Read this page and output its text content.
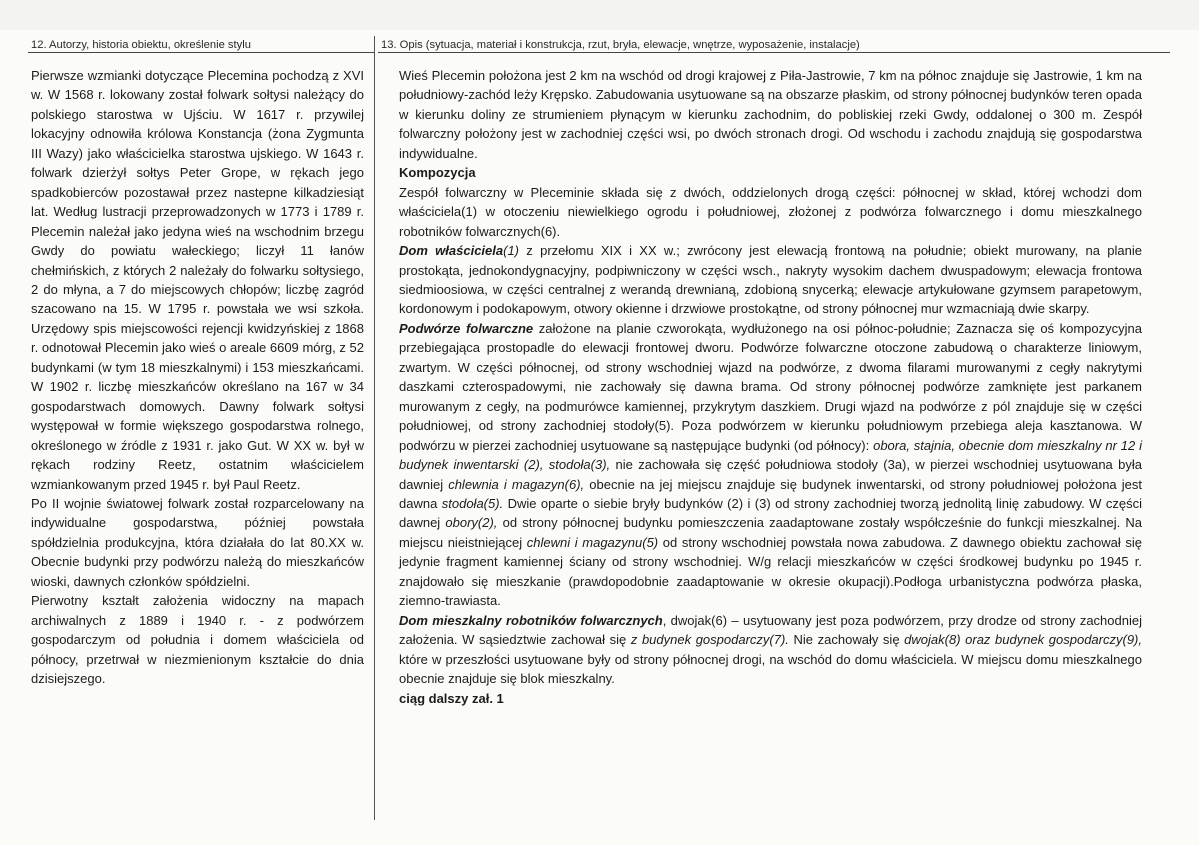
12. Autorzy, historia obiektu, określenie stylu	13. Opis (sytuacja, materiał i konstrukcja, rzut, bryła, elewacje, wnętrze, wyposażenie, instalacje)

Pierwsze wzmianki dotyczące Plecemina pochodzą z XVI w. W 1568 r. lokowany został folwark sołtysi należący do polskiego starostwa w Ujściu. W 1617 r. przywilej lokacyjny odnowiła królowa Konstancja (żona Zygmunta III Wazy) jako właścicielka starostwa ujskiego. W 1643 r. folwark dzierżył sołtys Peter Grope, w rękach jego spadkobierców pozostawał przez nastepne kilkadziesiąt lat. Według lustracji przeprowadzonych w 1773 i 1789 r. Plecemin należał jako jedyna wieś na wschodnim brzegu Gwdy do powiatu wałeckiego; liczył 11 łanów chełmińskich, z których 2 należały do folwarku sołtysiego, 2 do młyna, a 7 do miejscowych chłopów; liczbę zagród szacowano na 15. W 1795 r. powstała we wsi szkoła. Urzędowy spis miejscowości rejencji kwidzyńskiej z 1868 r. odnotował Plecemin jako wieś o areale 6609 mórg, z 52 budynkami (w tym 18 mieszkalnymi) i 153 mieszkańcami. W 1902 r. liczbę mieszkańców określano na 167 w 34 gospodarstwach domowych. Dawny folwark sołtysi występował w formie większego gospodarstwa rolnego, określonego w źródle z 1931 r. jako Gut. W XX w. był w rękach rodziny Reetz, ostatnim właścicielem wzmiankowanym przed 1945 r. był Paul Reetz.

Po II wojnie światowej folwark został rozparcelowany na indywidualne gospodarstwa, później powstała spółdzielnia produkcyjna, która działała do lat 80.XX w. Obecnie budynki przy podwórzu należą do mieszkańców wioski, dawnych członków spółdzielni.

Pierwotny kształt założenia widoczny na mapach archiwalnych z 1889 i 1940 r. - z podwórzem gospodarczym od południa i domem właściciela od północy, przetrwał w niezmienionym kształcie do dnia dzisiejszego.

Wieś Plecemin położona jest 2 km na wschód od drogi krajowej z Piła-Jastrowie, 7 km na północ znajduje się Jastrowie, 1 km na południowy-zachód leży Krępsko. Zabudowania usytuowane są na obszarze płaskim, od strony północnej budynków teren opada w kierunku doliny ze strumieniem płynącym w kierunku zachodnim, do pobliskiej rzeki Gwdy, oddalonej o 300 m. Zespół folwarczny położony jest w zachodniej części wsi, po dwóch stronach drogi. Od wschodu i zachodu znajdują się gospodarstwa indywidualne.

Kompozycja

Zespół folwarczny w Pleceminie składa się z dwóch, oddzielonych drogą części: północnej w skład, której wchodzi dom właściciela(1) w otoczeniu niewielkiego ogrodu i południowej, złożonej z podwórza folwarcznego i domu mieszkalnego robotników folwarcznych(6).

Dom właściciela(1) z przełomu XIX i XX w.; zwrócony jest elewacją frontową na południe; obiekt murowany, na planie prostokąta, jednokondygnacyjny, podpiwniczony w części wsch., nakryty wysokim dachem dwuspadowym; elewacja frontowa siedmioosiowa, w części centralnej z werandą drewnianą, zdobioną snycerką; elewacje artykułowane gzymsem parapetowym, kordonowym i podokapowym, otwory okienne i drzwiowe prostokątne, od strony północnej mur wzmacniają dwie skarpy.

Podwórze folwarczne założone na planie czworokąta, wydłużonego na osi północ-południe; Zaznacza się oś kompozycyjna przebiegająca prostopadle do elewacji frontowej dworu. Podwórze folwarczne otoczone zabudową o charakterze liniowym, zwartym. W części północnej, od strony wschodniej wjazd na podwórze, z dwoma filarami murowanymi z cegły nakrytymi daszkami czterospadowymi, nie zachowały się dawna brama. Od strony północnej podwórze zamknięte jest parkanem murowanym z cegły, na podmurówce kamiennej, przykrytym daszkiem. Drugi wjazd na podwórze z pól znajduje się w części południowej, od strony zachodniej stodoły(5). Poza podwórzem w kierunku południowym przebiega aleja kasztanowa. W podwórzu w pierzei zachodniej usytuowane są następujące budynki (od północy): obora, stajnia, obecnie dom mieszkalny nr 12 i budynek inwentarski (2), stodoła(3), nie zachowała się część południowa stodoły (3a), w pierzei wschodniej usytuowana była dawniej chlewnia i magazyn(6), obecnie na jej miejscu znajduje się budynek inwentarski, od strony południowej położona jest dawna stodoła(5). Dwie oparte o siebie bryły budynków (2) i (3) od strony zachodniej tworzą jednolitą linię zabudowy. W części dawnej obory(2), od strony północnej budynku pomieszczenia zaadaptowane zostały współcześnie do funkcji mieszkalnej. Na miejscu nieistniejącej chlewni i magazynu(5) od strony wschodniej powstała nowa zabudowa. Z dawnego obiektu zachował się jedynie fragment kamiennej ściany od strony wschodniej. W/g relacji mieszkańców w części środkowej budynku po 1945 r. znajdowało się mieszkanie (prawdopodobnie zaadaptowanie w okresie okupacji).Podłoga urbanistyczna podwórza płaska, ziemno-trawiasta.

Dom mieszkalny robotników folwarcznych, dwojak(6) – usytuowany jest poza podwórzem, przy drodze od strony zachodniej założenia. W sąsiedztwie zachował się z budynek gospodarczy(7). Nie zachowały się dwojak(8) oraz budynek gospodarczy(9), które w przeszłości usytuowane były od strony północnej drogi, na wschód do domu właściciela. W miejscu domu mieszkalnego obecnie znajduje się blok mieszkalny.

ciąg dalszy zał. 1
